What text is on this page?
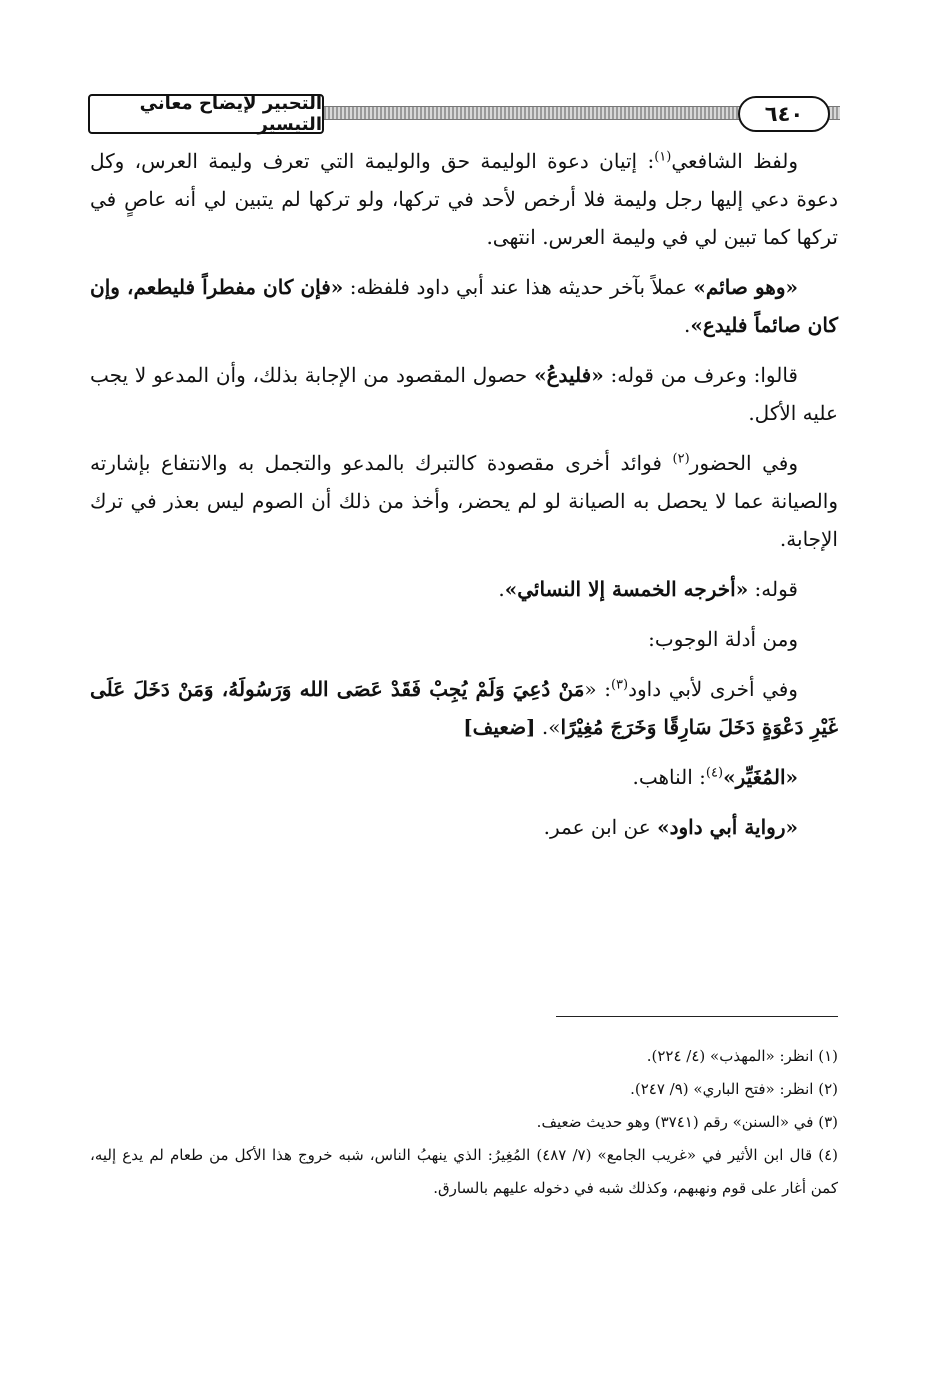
التحبير لإيضاح معاني التيسير	٦٤٠

ولفظ الشافعي$^{(١)}$: إتيان دعوة الوليمة حق والوليمة التي تعرف وليمة العرس، وكل دعوة دعي إليها رجل وليمة فلا أرخص لأحد في تركها، ولو تركها لم يتبين لي أنه عاصٍ في تركها كما تبين لي في وليمة العرس. انتهى.

«وهو صائم» عملاً بآخر حديثه هذا عند أبي داود فلفظه: «فإن كان مفطراً فليطعم، وإن كان صائماً فليدع».

قالوا: وعرف من قوله: «فليدعُ» حصول المقصود من الإجابة بذلك، وأن المدعو لا يجب عليه الأكل.

وفي الحضور$^{(٢)}$ فوائد أخرى مقصودة كالتبرك بالمدعو والتجمل به والانتفاع بإشارته والصيانة عما لا يحصل به الصيانة لو لم يحضر، وأخذ من ذلك أن الصوم ليس بعذر في ترك الإجابة.

قوله: «أخرجه الخمسة إلا النسائي».

ومن أدلة الوجوب:

وفي أخرى لأبي داود$^{(٣)}$: «مَنْ دُعِيَ وَلَمْ يُجِبْ فَقَدْ عَصَى الله وَرَسُولَهُ، وَمَنْ دَخَلَ عَلَى غَيْرِ دَعْوَةٍ دَخَلَ سَارِقًا وَخَرَجَ مُغِيْرًا». [ضعيف]

«المُغَيِّر»$^{(٤)}$: الناهب.

«رواية أبي داود» عن ابن عمر.

(١) انظر: «المهذب» (٤/ ٢٢٤).

(٢) انظر: «فتح الباري» (٩/ ٢٤٧).

(٣) في «السنن» رقم (٣٧٤١) وهو حديث ضعيف.

(٤) قال ابن الأثير في «غريب الجامع» (٧/ ٤٨٧) المُغِيرُ: الذي ينهبُ الناس، شبه خروج هذا الأكل من طعام لم يدع إليه، كمن أغار على قوم ونهبهم، وكذلك شبه في دخوله عليهم بالسارق.
